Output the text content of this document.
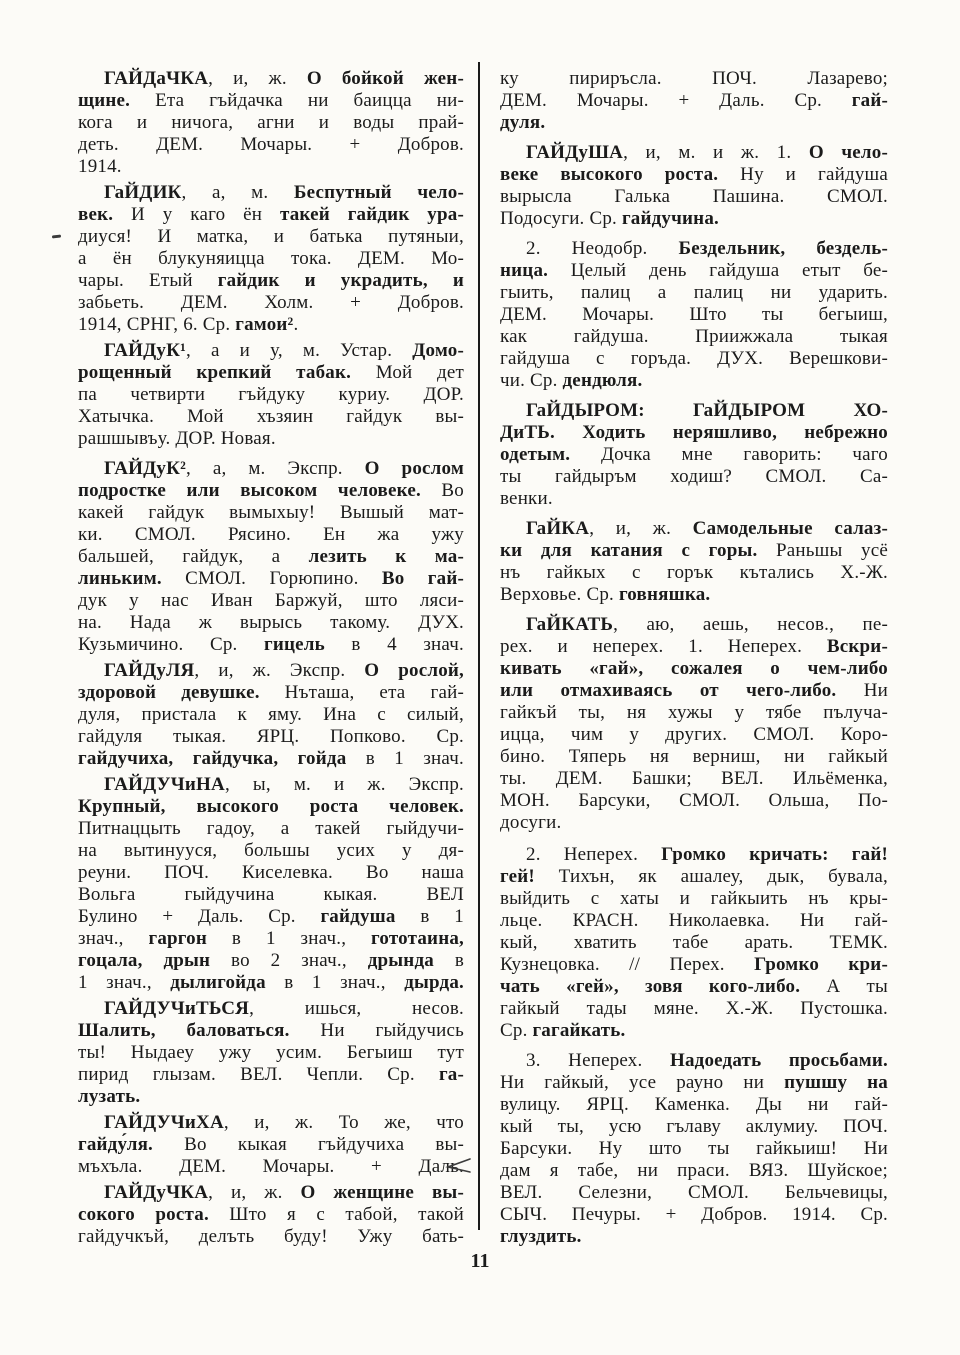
ГАЙДаЧКА, и, ж. О бойкой жен-
щине. Ета гъйдачка ни баицца ни-
кога и ничога, агни и воды прай-
деть. ДЕМ. Мочары. + Добров.
1914.
ГаЙДИК, а, м. Беспутный чело-
век. И у каго ён такей гайдик ура-
диуся! И матка, и батька путяныи,
а ён блукуняицца тока. ДЕМ. Мо-
чары. Етый гайдик и украдить, и
забьеть. ДЕМ. Холм. + Добров.
1914, СРНГ, 6. Ср. гамои².
ГАЙДуК¹, а и у, м. Устар. Домо-
рощенный крепкий табак. Мой дет
па четвирти гъйдуку куриу. ДОР.
Хатычка. Мой хъзяин гайдук вы-
рашшывъу. ДОР. Новая.
ГАЙДуК², а, м. Экспр. О рослом
подростке или высоком человеке. Во
какей гайдук вымыхыу! Вышый мат-
ки. СМОЛ. Рясино. Ен жа ужу
бальшей, гайдук, а лезить к ма-
линьким. СМОЛ. Горюпино. Во гай-
дук у нас Иван Баржуй, што ляси-
на. Нада ж вырысь такому. ДУХ.
Кузьмичино. Ср. гицель в 4 знач.
ГАЙДуЛЯ, и, ж. Экспр. О рослой,
здоровой девушке. Нъташа, ета гай-
дуля, пристала к яму. Ина с силый,
гайдуля тыкая. ЯРЦ. Попково. Ср.
гайдучиха, гайдучка, гойда в 1 знач.
ГАЙДУЧиНА, ы, м. и ж. Экспр.
Крупный, высокого роста человек.
Питнаццыть гадоу, а такей гыйдучи-
на вытинууся, большы усих у дя-
реуни. ПОЧ. Киселевка. Во наша
Вольга гыйдучина кыкая. ВЕЛ
Булино + Даль. Ср. гайдуша в 1
знач., гаргон в 1 знач., гототаина,
гоцала, дрын во 2 знач., дрында в
1 знач., дылигойда в 1 знач., дырда.
ГАЙДУЧиТЬСЯ, ишься, несов.
Шалить, баловаться. Ни гыйдучись
ты! Ныдаеу ужу усим. Бегыиш тут
пирид глызам. ВЕЛ. Чепли. Ср. га-
лузать.
ГАЙДУЧиХА, и, ж. То же, что
гайду́ля. Во кыкая гъйдучиха вы-
мъхъла. ДЕМ. Мочары. + Даль.
ГАЙДуЧКА, и, ж. О женщине вы-
сокого роста. Што я с табой, такой
гайдучкъй, делъть буду! Ужу бать-
ку пириръсла. ПОЧ. Лазарево;
ДЕМ. Мочары. + Даль. Ср. гай-
дуля.
ГАЙДуША, и, м. и ж. 1. О чело-
веке высокого роста. Ну и гайдуша
вырысла Галька Пашина. СМОЛ.
Подосуги. Ср. гайдучина.
2. Неодобр. Бездельник, бездель-
ница. Целый день гайдуша етыт бе-
гыить, палиц а палиц ни ударить.
ДЕМ. Мочары. Што ты бегыиш,
как гайдуша. Приижжала тыкая
гайдуша с горъда. ДУХ. Верешкови-
чи. Ср. дендюля.
ГаЙДЫРОМ: ГаЙДЫРОМ ХО-
ДиТЬ. Ходить неряшливо, небрежно
одетым. Дочка мне гаворить: чаго
ты гайдыръм ходиш? СМОЛ. Са-
венки.
ГаЙКА, и, ж. Самодельные салаз-
ки для катания с горы. Раньшы усё
нъ гайкых с горък кътались Х.-Ж.
Верховье. Ср. говняшка.
ГаЙКАТЬ, аю, аешь, несов., пе-
рех. и неперех. 1. Неперех. Вскри-
кивать «гай», сожалея о чем-либо
или отмахиваясь от чего-либо. Ни
гайкъй ты, ня хужы у тябе пълуча-
ицца, чим у других. СМОЛ. Коро-
бино. Тяперь ня верниш, ни гайкый
ты. ДЕМ. Башки; ВЕЛ. Ильёменка,
МОН. Барсуки, СМОЛ. Ольша, По-
досуги.
2. Неперех. Громко кричать: гай!
гей! Тихън, як ашалеу, дык, бувала,
выйдить с хаты и гайкыить нъ кры-
льце. КРАСН. Николаевка. Ни гай-
кый, хватить табе арать. ТЕМК.
Кузнецовка. // Перех. Громко кри-
чать «гей», зовя кого-либо. А ты
гайкый тады мяне. Х.-Ж. Пустошка.
Ср. гагайкать.
3. Неперех. Надоедать просьбами.
Ни гайкый, усе рауно ни пушшу на
вулицу. ЯРЦ. Каменка. Ды ни гай-
кый ты, усю гълаву аклумиу. ПОЧ.
Барсуки. Ну што ты гайкыиш! Ни
дам я табе, ни праси. ВЯЗ. Шуйское;
ВЕЛ. Селезни, СМОЛ. Бельчевицы,
СЫЧ. Печуры. + Добров. 1914. Ср.
глуздить.
11
